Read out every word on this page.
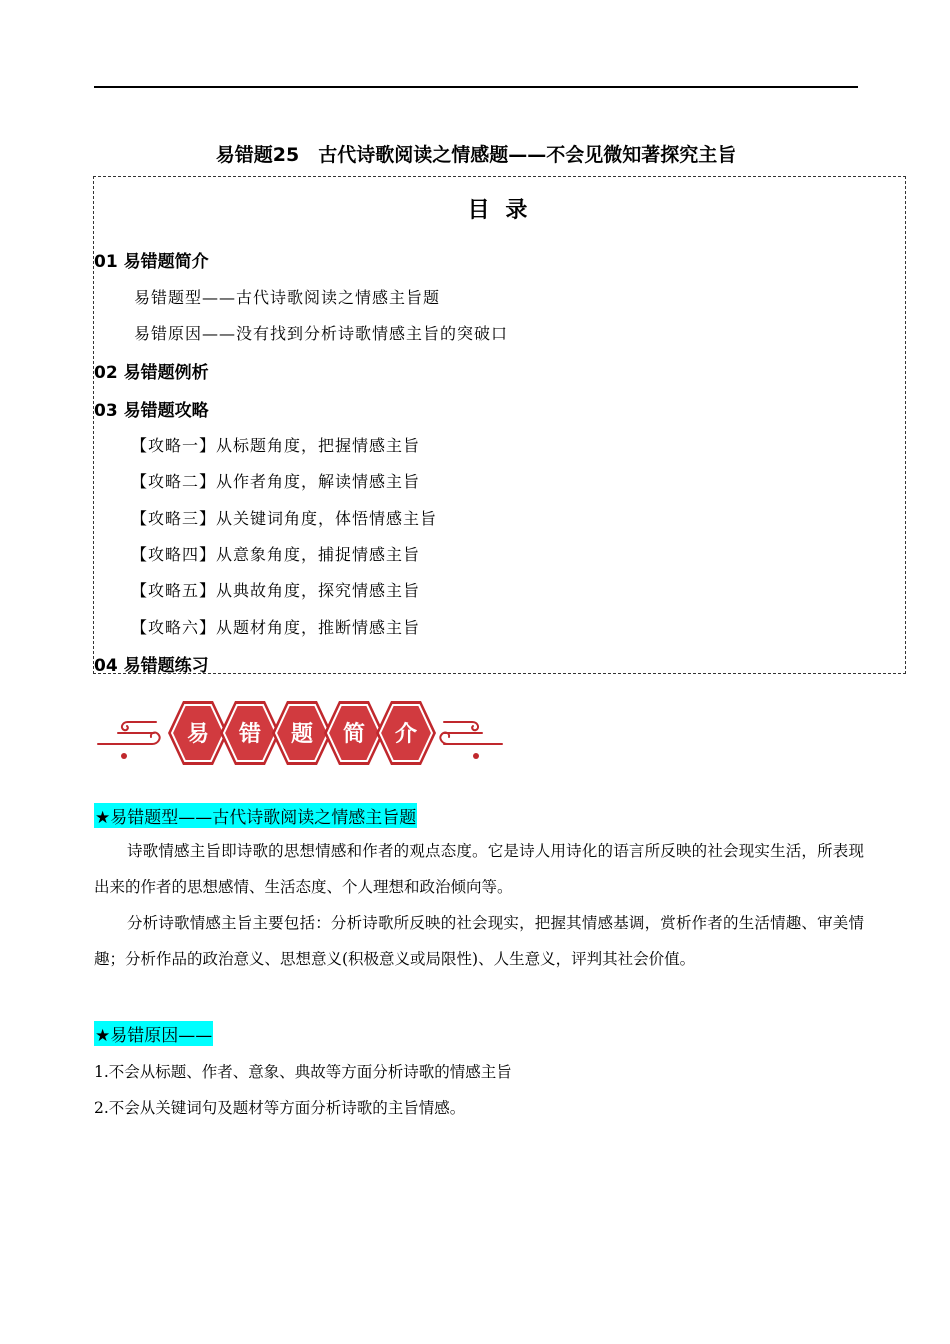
易错题25　古代诗歌阅读之情感题——不会见微知著探究主旨
目 录
01 易错题简介
易错题型——古代诗歌阅读之情感主旨题
易错原因——没有找到分析诗歌情感主旨的突破口
02 易错题例析
03 易错题攻略
【攻略一】从标题角度，把握情感主旨
【攻略二】从作者角度，解读情感主旨
【攻略三】从关键词角度，体悟情感主旨
【攻略四】从意象角度，捕捉情感主旨
【攻略五】从典故角度，探究情感主旨
【攻略六】从题材角度，推断情感主旨
04 易错题练习
易 错 题 简 介
★易错题型——古代诗歌阅读之情感主旨题
诗歌情感主旨即诗歌的思想情感和作者的观点态度。它是诗人用诗化的语言所反映的社会现实生活，所表现出来的作者的思想感情、生活态度、个人理想和政治倾向等。
分析诗歌情感主旨主要包括：分析诗歌所反映的社会现实，把握其情感基调，赏析作者的生活情趣、审美情趣；分析作品的政治意义、思想意义(积极意义或局限性)、人生意义，评判其社会价值。
★易错原因——
1.不会从标题、作者、意象、典故等方面分析诗歌的情感主旨
2.不会从关键词句及题材等方面分析诗歌的主旨情感。
